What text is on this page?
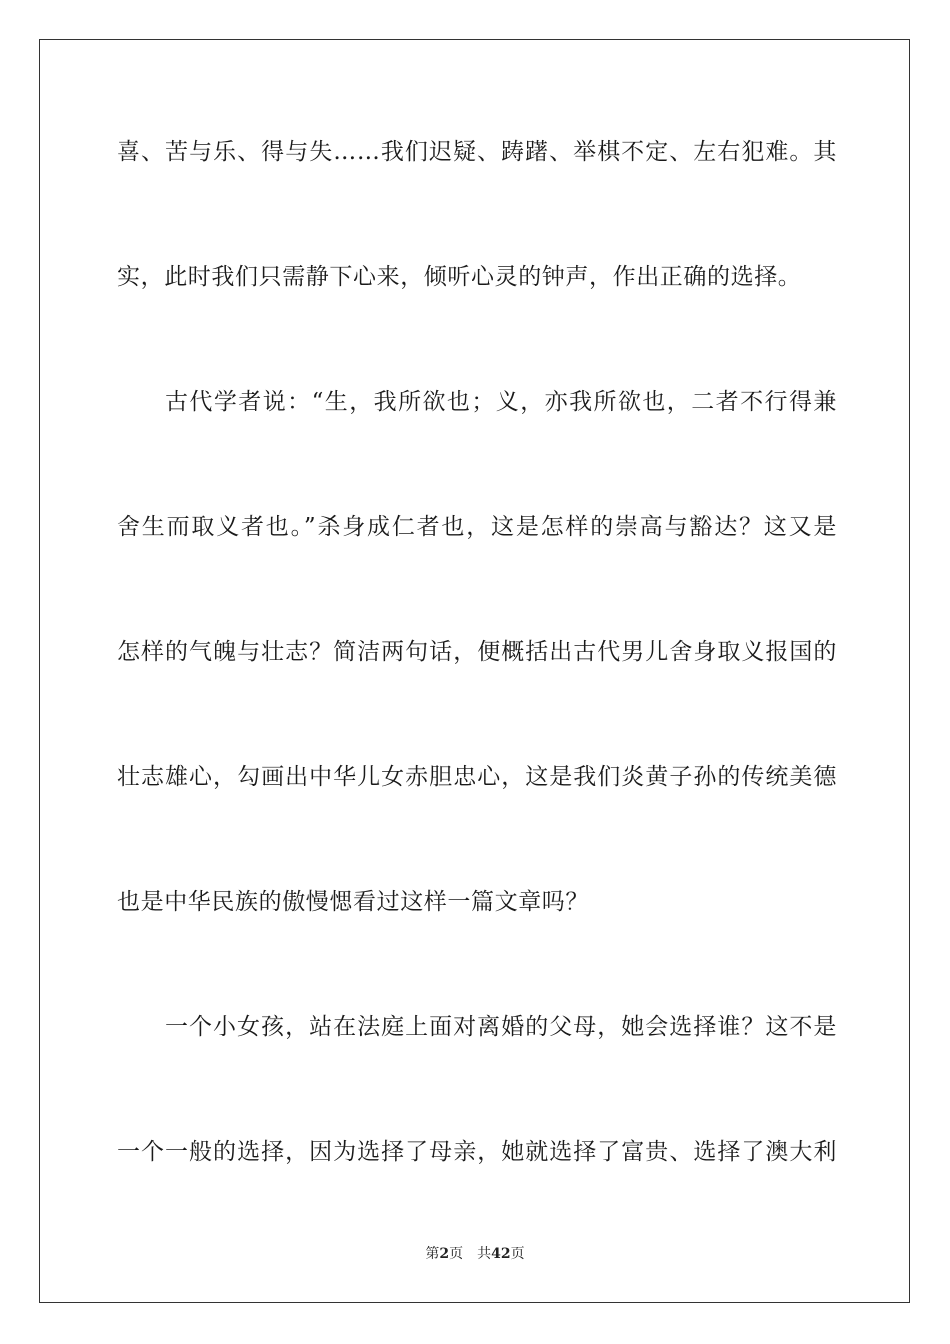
喜、苦与乐、得与失……我们迟疑、踌躇、举棋不定、左右犯难。其
实，此时我们只需静下心来，倾听心灵的钟声，作出正确的选择。
古代学者说：“生，我所欲也；义，亦我所欲也，二者不行得兼
舍生而取义者也。”杀身成仁者也，这是怎样的崇高与豁达？这又是
怎样的气魄与壮志？简洁两句话，便概括出古代男儿舍身取义报国的
壮志雄心，勾画出中华儿女赤胆忠心，这是我们炎黄子孙的传统美德
也是中华民族的傲慢愢看过这样一篇文章吗？
一个小女孩，站在法庭上面对离婚的父母，她会选择谁？这不是
一个一般的选择，因为选择了母亲，她就选择了富贵、选择了澳大利
第2页 共42页
